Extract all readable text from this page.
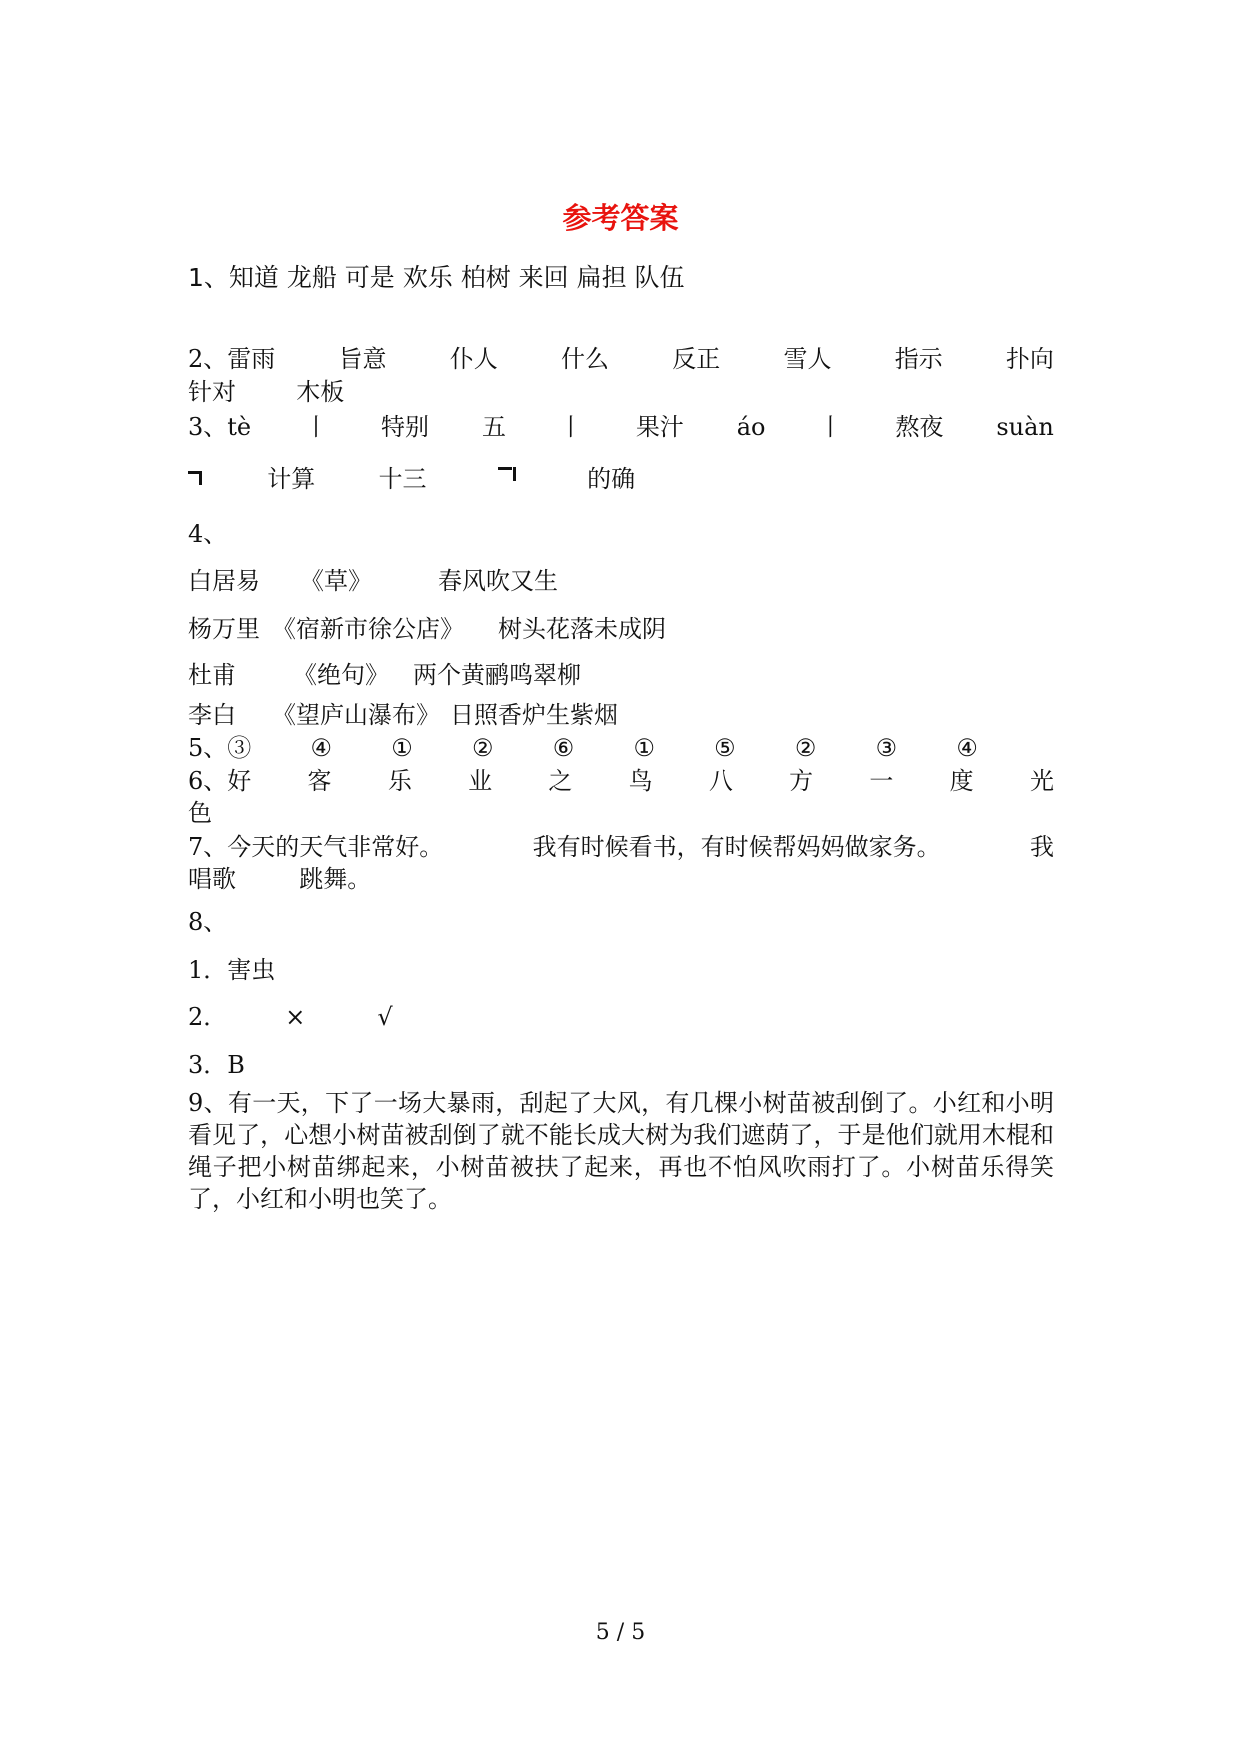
参考答案
1、知道 龙船 可是 欢乐 柏树 来回 扁担 队伍
2、雷雨	旨意	仆人	什么	反正	雪人	指示	扑向
针对	木板
3、tè 丨 特别 五 丨 果汁 áo 丨 熬夜 suàn
计算	十三	的确
4、
白居易 《草》	春风吹又生
杨万里 《宿新市徐公店》 树头花落未成阴
杜甫 《绝句》 两个黄鹂鸣翠柳
李白 《望庐山瀑布》 日照香炉生紫烟
5、③ ④ ① ② ⑥ ① ⑤ ② ③ ④
6、好 客 乐 业 之 鸟 八 方 一 度 光
色
7、今天的天气非常好。	我有时候看书，有时候帮妈妈做家务。	我
唱歌	跳舞。
8、
1．害虫
2． ×	√
3．B
9、有一天，下了一场大暴雨，刮起了大风，有几棵小树苗被刮倒了。小红和小明看见了，心想小树苗被刮倒了就不能长成大树为我们遮荫了，于是他们就用木棍和绳子把小树苗绑起来，小树苗被扶了起来，再也不怕风吹雨打了。小树苗乐得笑了，小红和小明也笑了。
5 / 5
